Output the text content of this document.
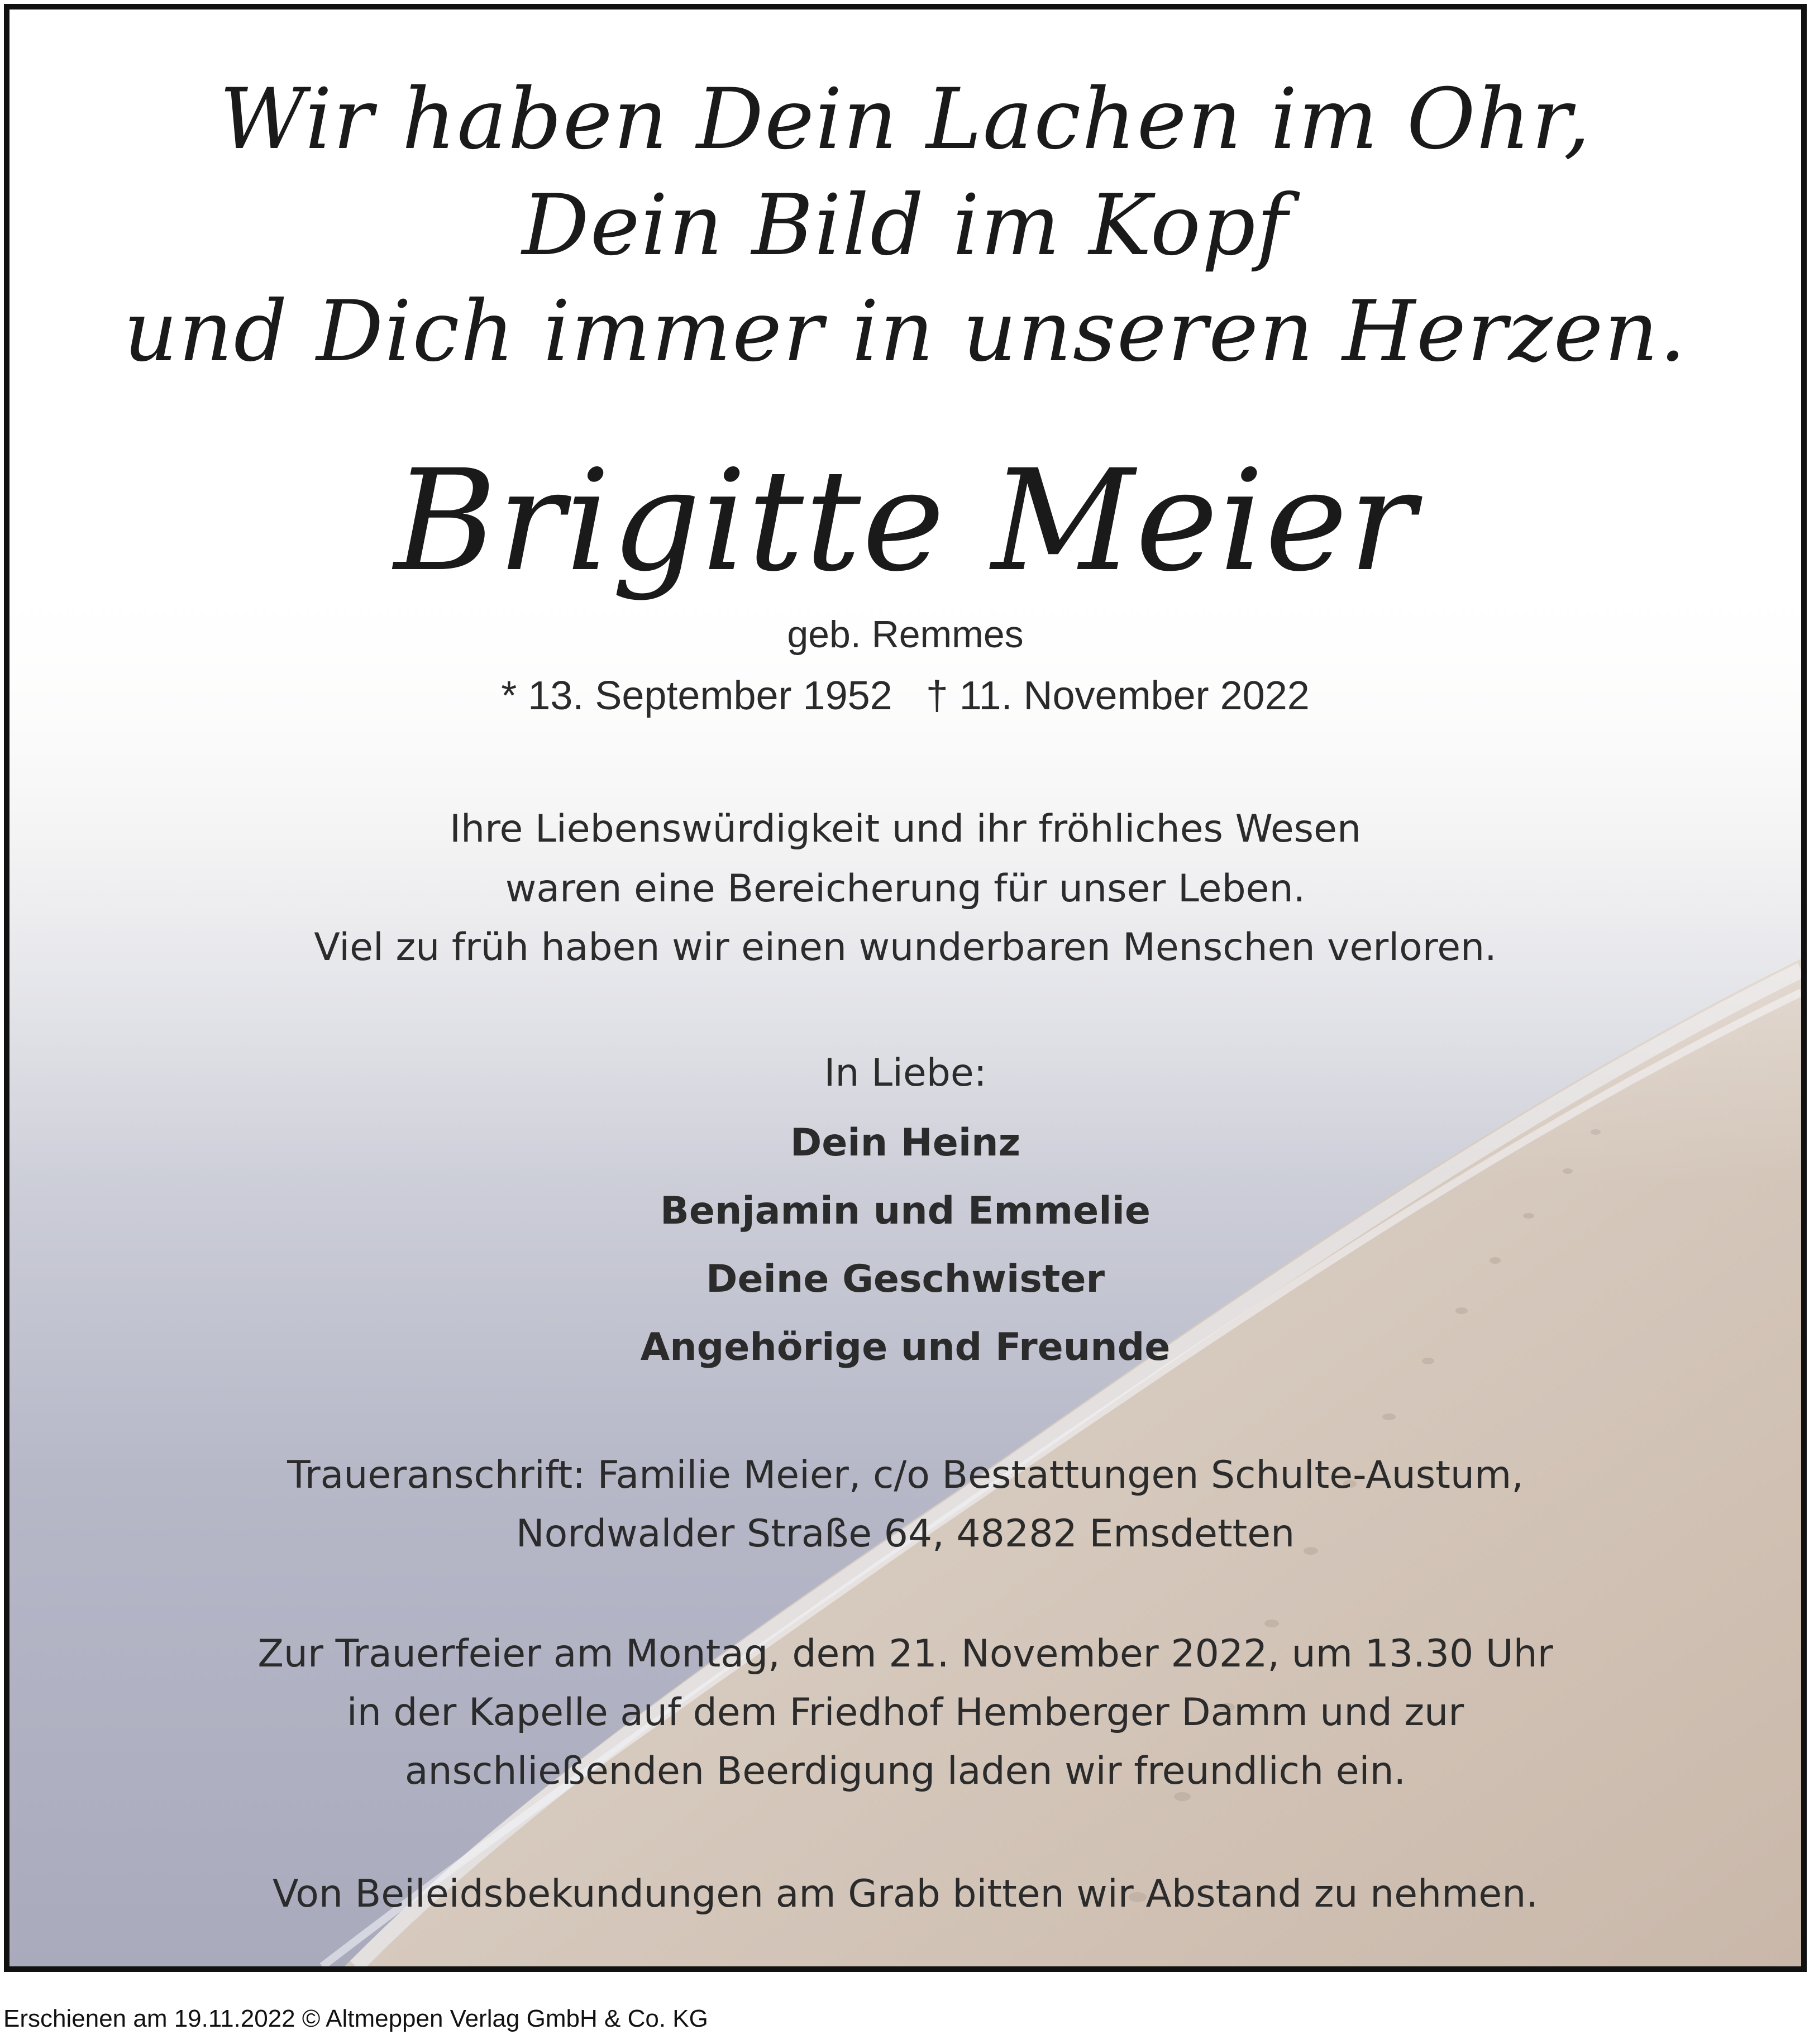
Wir haben Dein Lachen im Ohr,
Dein Bild im Kopf
und Dich immer in unseren Herzen.
Brigitte Meier
geb. Remmes
* 13. September 1952   † 11. November 2022
Ihre Liebenswürdigkeit und ihr fröhliches Wesen
waren eine Bereicherung für unser Leben.
Viel zu früh haben wir einen wunderbaren Menschen verloren.
In Liebe:
Dein Heinz
Benjamin und Emmelie
Deine Geschwister
Angehörige und Freunde
Traueranschrift: Familie Meier, c/o Bestattungen Schulte-Austum,
Nordwalder Straße 64, 48282 Emsdetten
Zur Trauerfeier am Montag, dem 21. November 2022, um 13.30 Uhr
in der Kapelle auf dem Friedhof Hemberger Damm und zur
anschließenden Beerdigung laden wir freundlich ein.
Von Beileidsbekundungen am Grab bitten wir Abstand zu nehmen.
Erschienen am 19.11.2022 © Altmeppen Verlag GmbH & Co. KG
